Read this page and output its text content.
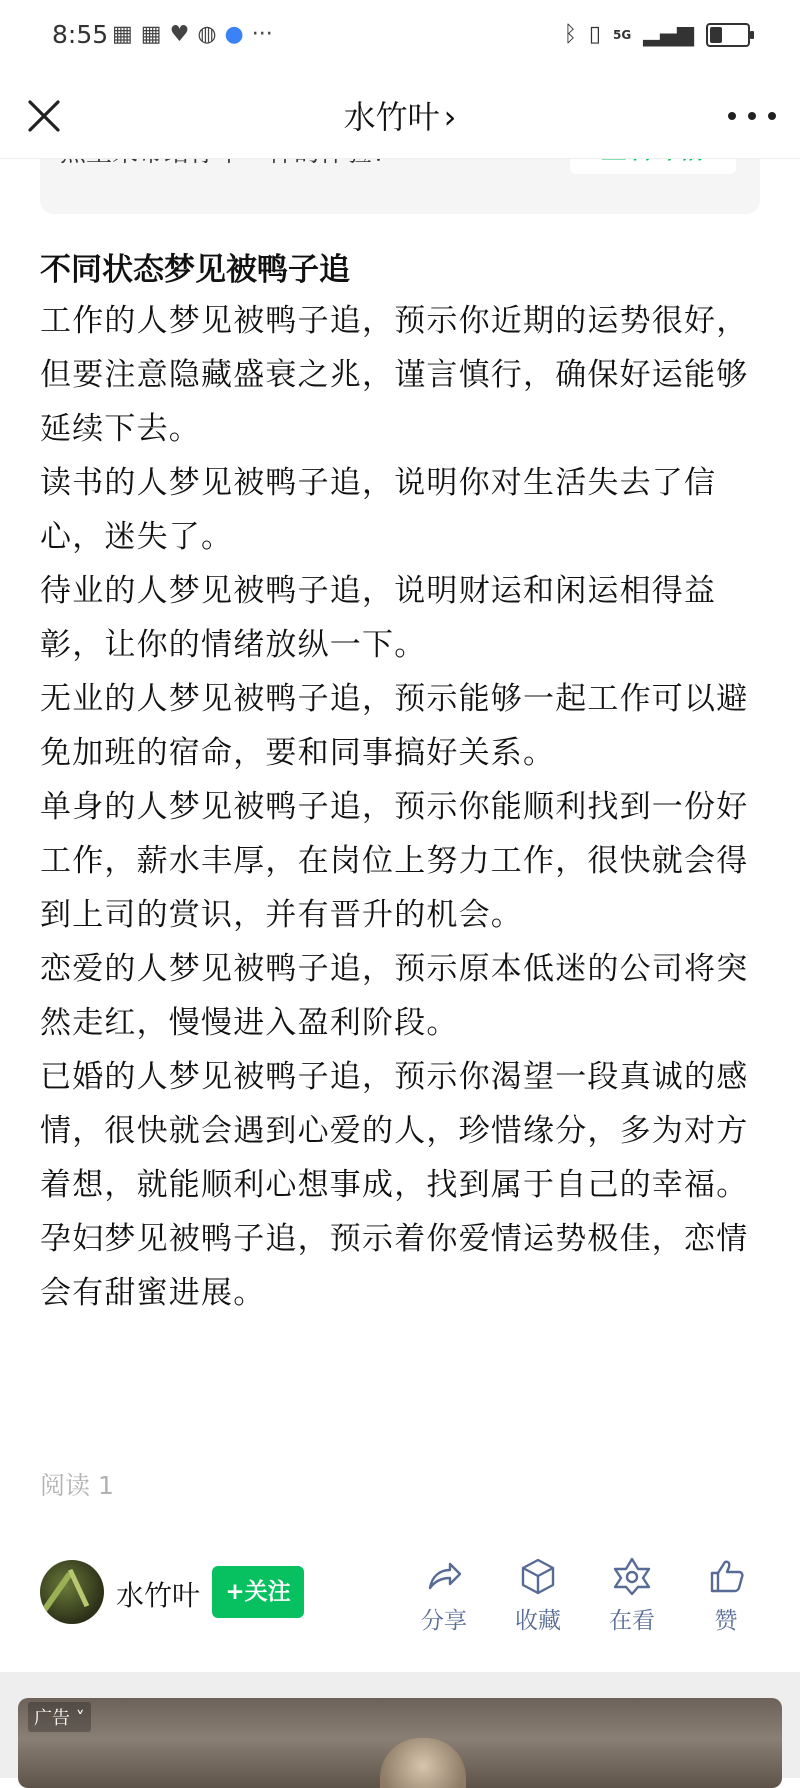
8:55 ▦ ▦ ♥ ◍ ● ···	ᛒ ▯ 5G ▂▄▆
水竹叶 ›

不同状态梦见被鸭子追

工作的人梦见被鸭子追，预示你近期的运势很好，但要注意隐藏盛衰之兆，谨言慎行，确保好运能够延续下去。

读书的人梦见被鸭子追，说明你对生活失去了信心，迷失了。

待业的人梦见被鸭子追，说明财运和闲运相得益彰，让你的情绪放纵一下。

无业的人梦见被鸭子追，预示能够一起工作可以避免加班的宿命，要和同事搞好关系。

单身的人梦见被鸭子追，预示你能顺利找到一份好工作，薪水丰厚，在岗位上努力工作，很快就会得到上司的赏识，并有晋升的机会。

恋爱的人梦见被鸭子追，预示原本低迷的公司将突然走红，慢慢进入盈利阶段。

已婚的人梦见被鸭子追，预示你渴望一段真诚的感情，很快就会遇到心爱的人，珍惜缘分，多为对方着想，就能顺利心想事成，找到属于自己的幸福。

孕妇梦见被鸭子追，预示着你爱情运势极佳，恋情会有甜蜜进展。

阅读 1
水竹叶	+关注
分享	收藏	在看	赞
广告 ˅
